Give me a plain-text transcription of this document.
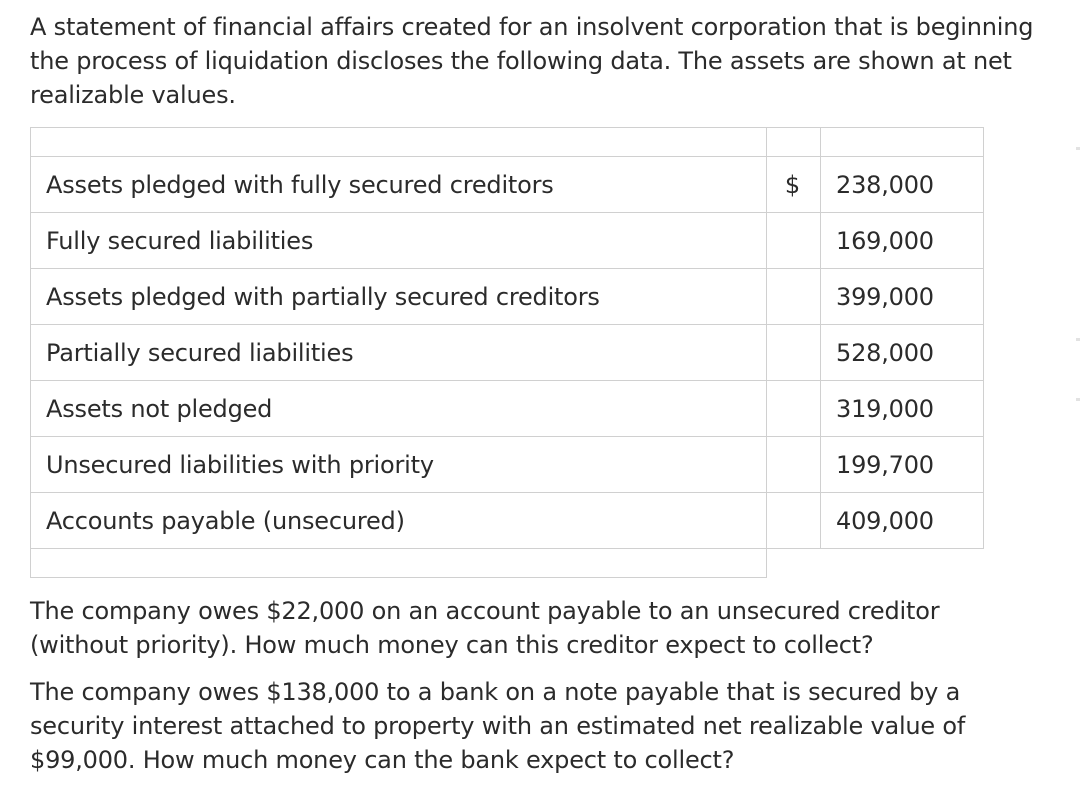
A statement of financial affairs created for an insolvent corporation that is beginning the process of liquidation discloses the following data. The assets are shown at net realizable values.

Assets pledged with fully secured creditors	$	238,000
Fully secured liabilities		169,000
Assets pledged with partially secured creditors		399,000
Partially secured liabilities		528,000
Assets not pledged		319,000
Unsecured liabilities with priority		199,700
Accounts payable (unsecured)		409,000

The company owes $22,000 on an account payable to an unsecured creditor (without priority). How much money can this creditor expect to collect?

The company owes $138,000 to a bank on a note payable that is secured by a security interest attached to property with an estimated net realizable value of $99,000. How much money can the bank expect to collect?
